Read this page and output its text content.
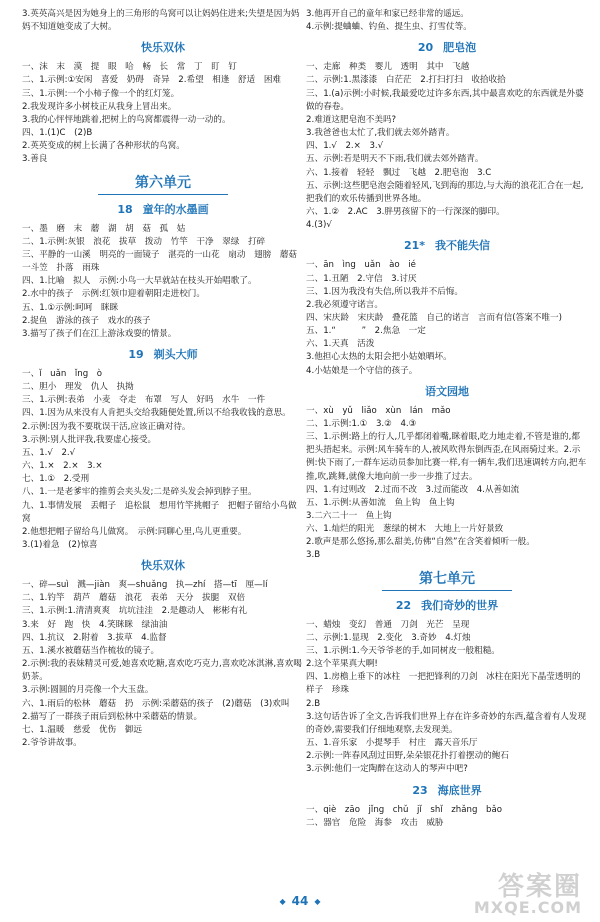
3.英英高兴是因为她身上的三角形的鸟窝可以让妈妈住进来;失望是因为妈妈不知道她变成了大树。

快乐双休

一、沫　末　漠　提　眼　哈　畅　长　常　丁　盯　钉

二、1.示例:①安闲　喜爱　奶碍　奇异　2.希望　相逢　舒适　困难

三、1.示例:一个小柿子像一个的红灯笼。

2.我发现许多小树枝正从我身上冒出来。

3.我的心怦怦地跳着,把树上的鸟窝都震得一动一动的。

四、1.(1)C　(2)B

2.英英变成的树上长满了各种形状的鸟窝。

3.善良

第六单元
18 童年的水墨画

一、墨　磨　末　蘑　湖　胡　菇　孤　姑

二、1.示例:灰银　浪花　拔草　拨动　竹竿　干净　翠绿　打碎

三、平静的一山溪　明亮的一面镜子　湛亮的一山花　扇动　翅膀　蘑菇一斗笠　扑落　雨珠

四、1.比喻　拟人　示例:小鸟一大早就站在枝头开始唱歌了。

2.水中的孩子　示例:红领巾迎着朝阳走进校门。

五、1.①示例:呵呵　眯眯

2.捉鱼　游泳的孩子　戏水的孩子

3.描写了孩子们在江上游泳戏耍的情景。

19 剃头大师

一、ǐ　uǎn　ǐng　ò

二、胆小　理发　仇人　执拗

三、1.示例:表弟　小麦　夺走　布罩　写人　好吗　水牛　一件

四、1.因为从来没有人肯把头交给我随便处置,所以不给我收钱的意思。

2.示例:因为我不要耽误干活,应该正确对待。

3.示例:别人批评我,我要虚心接受。

五、1.√　2.√

六、1.×　2.×　3.×

七、1.①　2.受刑

八、1.一是老爹牢的推剪会夹头发;二是碎头发会掉到脖子里。

九、1.事情发展　丢帽子　追松鼠　想用竹竿挑帽子　把帽子留给小鸟做窝

2.他想把帽子留给鸟儿做窝。　示例:同聊心里,鸟儿更重要。

3.(1)着急　(2)惊喜

快乐双休

一、碎—suì　溅—jiàn　爽—shuǎng　执—zhí　搭—tī　厘—lí

二、1.钓竿　葫芦　蘑菇　浪花　表弟　天分　拔腿　双倍

三、1.示例:1.清清爽爽　坑坑洼洼　2.是趣动人　彬彬有礼

3.来　好　跑　快　4.笑眯眯　绿油油

四、1.抗议　2.附着　3.拔草　4.监督

五、1.溪水被蘑菇当作梳妆的镜子。

2.示例:我的表妹精灵可爱,她喜欢吃糖,喜欢吃巧克力,喜欢吃冰淇淋,喜欢喝奶茶。

3.示例:圆圆的月亮像一个大玉盘。

六、1.雨后的松林　蘑菇　扔　示例:采蘑菇的孩子　(2)蘑菇　(3)欢叫

2.描写了一群孩子雨后到松林中采蘑菇的情景。

七、1.温暖　慈爱　优伤　御远

2.爷爷讲故事。

3.他再开自己的童年和家已经非常的遥远。

4.示例:提蛐蛐、钓鱼、提生虫、打雪仗等。

20 肥皂泡

一、走廊　种类　婴儿　透明　其中　飞越

二、示例:1.黑漆漆　白茫茫　2.打扫打扫　收拾收拾

三、1.(a)示例:小时候,我最爱吃过许多东西,其中最喜欢吃的东西就是外婆做的春卷。

2.难道这肥皂泡不美吗?

3.我爸爸也太忙了,我们就去郊外踏青。

四、1.√　2.×　3.√

五、示例:若是明天不下雨,我们就去郊外踏青。

六、1.接着　轻轻　飘过　飞越　2.肥皂泡　3.C

五、示例:这些肥皂泡会随着轻风,飞到海的那边,与大海的浪花汇合在一起,把我们的欢乐传播到世界各地。

六、1.②　2.AC　3.胖男孩留下的一行深深的脚印。

4.(3)√

21* 我不能失信

一、ān　ìng　uǎn　ào　ié

二、1.丑陋　2.守信　3.讨厌

三、1.因为我没有失信,所以我并不后悔。

2.我必须遵守诺言。

四、宋庆龄　宋庆龄　叠花篮　自己的诺言　言而有信(答案不唯一)

五、1.“　　　”　2.焦急　一定

六、1.天真　活泼

3.他担心太热的太阳会把小姑娘晒坏。

4.小姑娘是一个守信的孩子。

语文园地

一、xù　yǔ　liǎo　xùn　lán　mǎo

二、1.示例:1.①　3.②　4.③

三、1.示例:路上的行人,几乎都闭着嘴,眯着眼,吃力地走着,不管是谁的,都把头捂起来。示例:风车骑车的人,被风吹得东倒西歪,在风雨骑过来。2.示例:快下雨了,一群车运动员参加比赛一样,有一辆车,我们迅速调转方向,把车推,吹,跳舞,就像大地向前一步一步推了过去。

四、1.有过则改　2.过而不改　3.过而能改　4.从善如流

五、1.示例:从善如流　鱼上钩　鱼上钩

3.二六二十一　鱼上钩

六、1.灿烂的阳光　葱绿的树木　大地上一片好景致

2.歌声是那么悠扬,那么甜美,仿佛“自然”在含笑着倾听一般。

3.B

第七单元
22 我们奇妙的世界

一、蜡烛　变幻　普通　刀剑　光芒　呈现

二、示例:1.显现　2.变化　3.奇妙　4.灯烛

三、1.示例:1.今天爷爷老的手,如同树皮一般粗糙。

2.这个苹果真大啊!

四、1.房檐上垂下的冰柱　一把把锋利的刀剑　冰柱在阳光下晶莹透明的样子　珍珠

2.B

3.这句话告诉了全文,告诉我们世界上存在许多奇妙的东西,蕴含着有人发现的奇妙,需要我们仔细地观察,去发现美。

五、1.音乐家　小提琴手　村庄　露天音乐厅

2.示例:一阵春风刮过田野,朵朵银花扑打着摆动的鲍石

3.示例:他们一定陶醉在这动人的琴声中吧?

23 海底世界

一、qiè　zāo　jǐng　chǔ　jǐ　shǐ　zhǎng　bǎo

二、器官　危险　海参　攻击　威胁

◆ 44 ◆	答案圈
MXQE.COM
